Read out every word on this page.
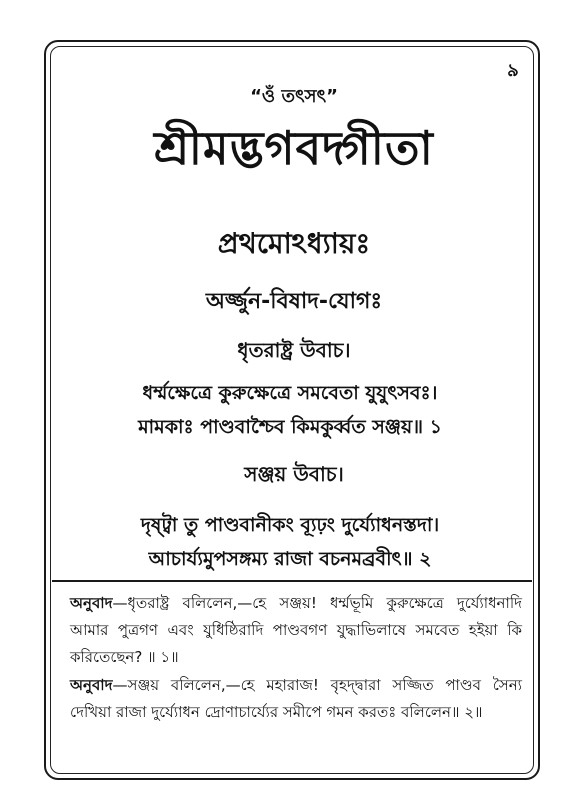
৯
“ওঁ তৎসৎ”
শ্রীমদ্ভগবদ্গীতা
প্রথমোঽধ্যায়ঃ
অর্জ্জুন-বিষাদ-যোগঃ
ধৃতরাষ্ট্র উবাচ।
ধর্ম্মক্ষেত্রে কুরুক্ষেত্রে সমবেতা যুযুৎসবঃ।
মামকাঃ পাণ্ডবাশ্চৈব কিমকুর্ব্বত সঞ্জয়॥ ১
সঞ্জয় উবাচ।
দৃষ্ট্বা তু পাণ্ডবানীকং ব্যূঢ়ং দুর্য্যোধনস্তদা।
আচার্য্যমুপসঙ্গম্য রাজা বচনমব্রবীৎ॥ ২
অনুবাদ—ধৃতরাষ্ট্র বলিলেন,—হে সঞ্জয়! ধর্ম্মভূমি কুরুক্ষেত্রে দুর্য্যোধনাদি আমার পুত্রগণ এবং যুধিষ্ঠিরাদি পাণ্ডবগণ যুদ্ধাভিলাষে সমবেত হইয়া কি করিতেছেন? ॥ ১॥
অনুবাদ—সঞ্জয় বলিলেন,—হে মহারাজ! বৃহদ্দ্বারা সজ্জিত পাণ্ডব সৈন্য দেখিয়া রাজা দুর্য্যোধন দ্রোণাচার্য্যের সমীপে গমন করতঃ বলিলেন॥ ২॥
